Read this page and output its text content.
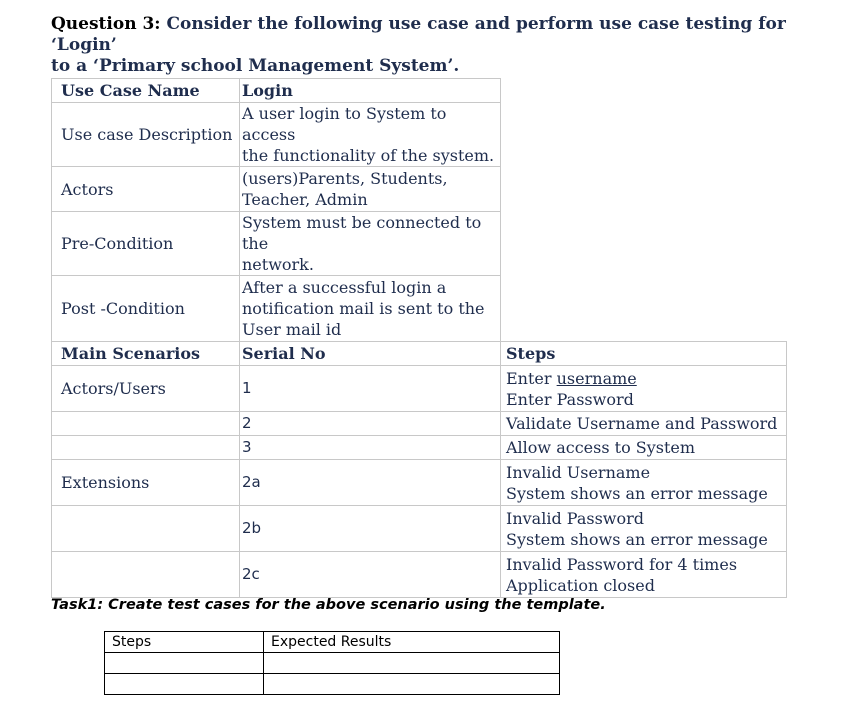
Question 3: Consider the following use case and perform use case testing for ‘Login’
to a ‘Primary school Management System’.
Use Case Name	Login	
Use case Description	A user login to System to access
the functionality of the system.	
Actors	(users)Parents, Students,
Teacher, Admin	
Pre-Condition	System must be connected to the
network.	
Post -Condition	After a successful login a
notification mail is sent to the
User mail id	
Main Scenarios	Serial No	Steps
Actors/Users	1	Enter username
Enter Password
	2	Validate Username and Password
	3	Allow access to System
Extensions	2a	Invalid Username
System shows an error message
	2b	Invalid Password
System shows an error message
	2c	Invalid Password for 4 times
Application closed
Task1: Create test cases for the above scenario using the template.
Steps	Expected Results
